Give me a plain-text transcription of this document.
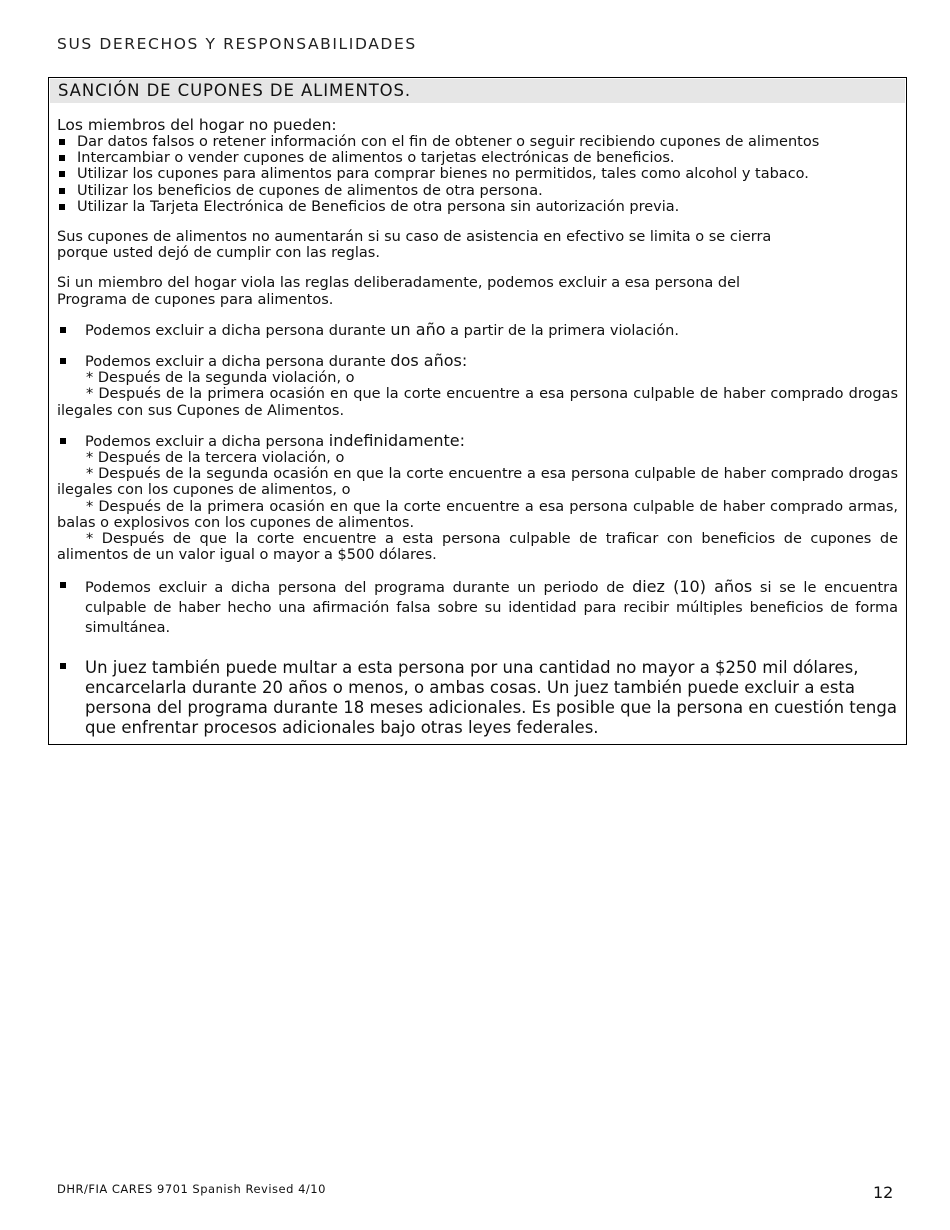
SUS DERECHOS Y RESPONSABILIDADES
SANCIÓN DE CUPONES DE ALIMENTOS.
Los miembros del hogar no pueden:
Dar datos falsos o retener información con el fin de obtener o seguir recibiendo cupones de alimentos
Intercambiar o vender cupones de alimentos o tarjetas electrónicas de beneficios.
Utilizar los cupones para alimentos para comprar bienes no permitidos, tales como alcohol y tabaco.
Utilizar los beneficios de cupones de alimentos de otra persona.
Utilizar la Tarjeta Electrónica de Beneficios de otra persona sin autorización previa.

Sus cupones de alimentos no aumentarán si su caso de asistencia en efectivo se limita o se cierra
porque usted dejó de cumplir con las reglas.

Si un miembro del hogar viola las reglas deliberadamente, podemos excluir a esa persona del
Programa de cupones para alimentos.

Podemos excluir a dicha persona durante un año a partir de la primera violación.
Podemos excluir a dicha persona durante dos años:
* Después de la segunda violación, o
* Después de la primera ocasión en que la corte encuentre a esa persona culpable de haber comprado drogas ilegales con sus Cupones de Alimentos.
Podemos excluir a dicha persona indefinidamente:
* Después de la tercera violación, o
* Después de la segunda ocasión en que la corte encuentre a esa persona culpable de haber comprado drogas ilegales con los cupones de alimentos, o
* Después de la primera ocasión en que la corte encuentre a esa persona culpable de haber comprado armas, balas o explosivos con los cupones de alimentos.
* Después de que la corte encuentre a esta persona culpable de traficar con beneficios de cupones de alimentos de un valor igual o mayor a $500 dólares.
Podemos excluir a dicha persona del programa durante un periodo de diez (10) años si se le encuentra culpable de haber hecho una afirmación falsa sobre su identidad para recibir múltiples beneficios de forma simultánea.
Un juez también puede multar a esta persona por una cantidad no mayor a $250 mil dólares, encarcelarla durante 20 años o menos, o ambas cosas. Un juez también puede excluir a esta persona del programa durante 18 meses adicionales. Es posible que la persona en cuestión tenga que enfrentar procesos adicionales bajo otras leyes federales.
DHR/FIA CARES 9701 Spanish Revised 4/10	12
